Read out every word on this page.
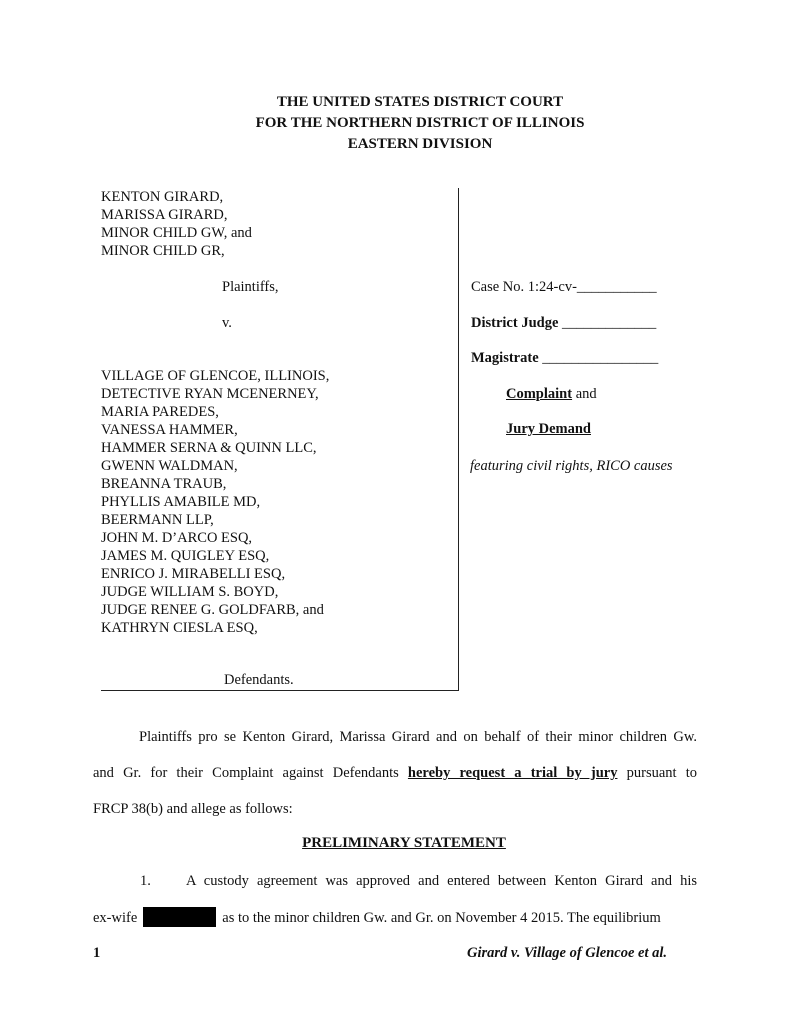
THE UNITED STATES DISTRICT COURT
FOR THE NORTHERN DISTRICT OF ILLINOIS
EASTERN DIVISION
KENTON GIRARD,
MARISSA GIRARD,
MINOR CHILD GW, and
MINOR CHILD GR,
Plaintiffs,
v.
VILLAGE OF GLENCOE, ILLINOIS,
DETECTIVE RYAN MCENERNEY,
MARIA PAREDES,
VANESSA HAMMER,
HAMMER SERNA & QUINN LLC,
GWENN WALDMAN,
BREANNA TRAUB,
PHYLLIS AMABILE MD,
BEERMANN LLP,
JOHN M. D’ARCO ESQ,
JAMES M. QUIGLEY ESQ,
ENRICO J. MIRABELLI ESQ,
JUDGE WILLIAM S. BOYD,
JUDGE RENEE G. GOLDFARB, and
KATHRYN CIESLA ESQ,
Defendants.
Case No. 1:24-cv-___________
District Judge _____________
Magistrate ________________
Complaint and
Jury Demand
featuring civil rights, RICO causes
Plaintiffs pro se Kenton Girard, Marissa Girard and on behalf of their minor children Gw.
and Gr. for their Complaint against Defendants hereby request a trial by jury pursuant to
FRCP 38(b) and allege as follows:
PRELIMINARY STATEMENT
1. A custody agreement was approved and entered between Kenton Girard and his
ex-wife	as to the minor children Gw. and Gr. on November 4 2015. The equilibrium
1	Girard v. Village of Glencoe et al.
